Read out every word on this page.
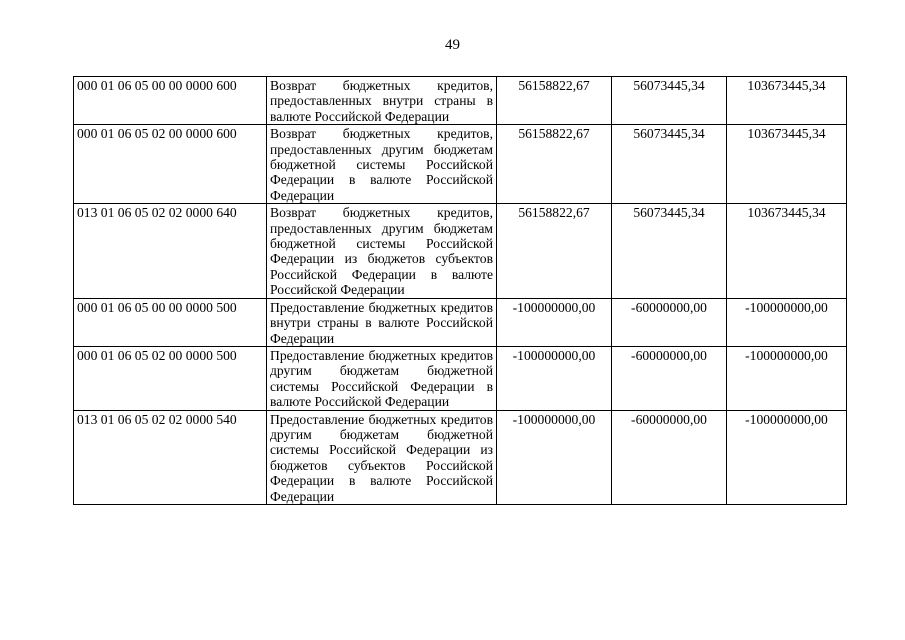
49
000 01 06 05 00 00 0000 600	Возврат бюджетных кредитов, предоставленных внутри страны в валюте Российской Федерации	56158822,67	56073445,34	103673445,34
000 01 06 05 02 00 0000 600	Возврат бюджетных кредитов, предоставленных другим бюджетам бюджетной системы Российской Федерации в валюте Российской Федерации	56158822,67	56073445,34	103673445,34
013 01 06 05 02 02 0000 640	Возврат бюджетных кредитов, предоставленных другим бюджетам бюджетной системы Российской Федерации из бюджетов субъектов Российской Федерации в валюте Российской Федерации	56158822,67	56073445,34	103673445,34
000 01 06 05 00 00 0000 500	Предоставление бюджетных кредитов внутри страны в валюте Российской Федерации	-100000000,00	-60000000,00	-100000000,00
000 01 06 05 02 00 0000 500	Предоставление бюджетных кредитов другим бюджетам бюджетной системы Российской Федерации в валюте Российской Федерации	-100000000,00	-60000000,00	-100000000,00
013 01 06 05 02 02 0000 540	Предоставление бюджетных кредитов другим бюджетам бюджетной системы Российской Федерации из бюджетов субъектов Российской Федерации в валюте Российской Федерации	-100000000,00	-60000000,00	-100000000,00
